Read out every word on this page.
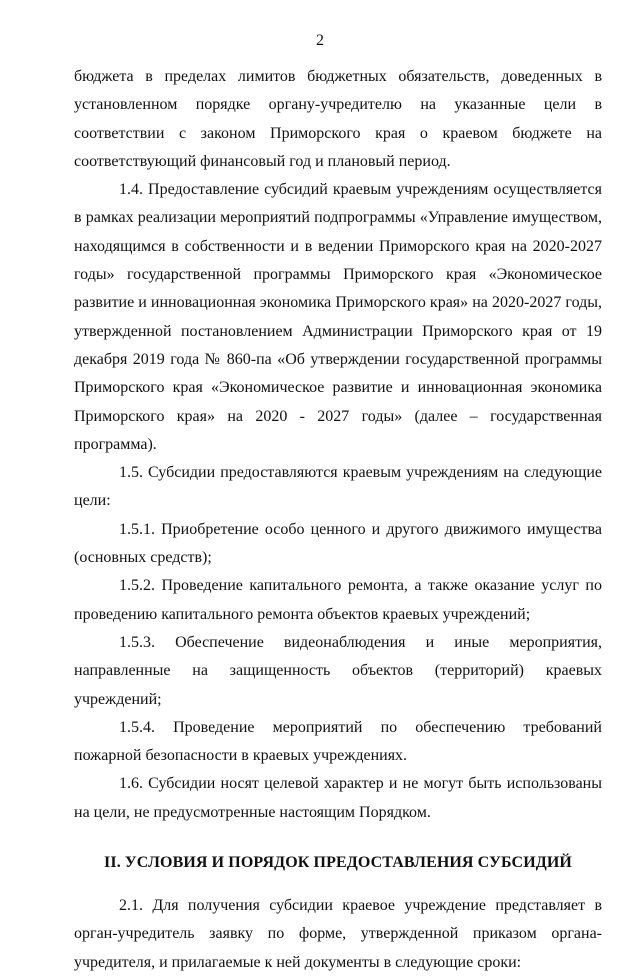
2

бюджета в пределах лимитов бюджетных обязательств, доведенных в установленном порядке органу-учредителю на указанные цели в соответствии с законом Приморского края о краевом бюджете на соответствующий финансовый год и плановый период.

1.4. Предоставление субсидий краевым учреждениям осуществляется в рамках реализации мероприятий подпрограммы «Управление имуществом, находящимся в собственности и в ведении Приморского края на 2020-2027 годы» государственной программы Приморского края «Экономическое развитие и инновационная экономика Приморского края» на 2020-2027 годы, утвержденной постановлением Администрации Приморского края от 19 декабря 2019 года № 860-па «Об утверждении государственной программы Приморского края «Экономическое развитие и инновационная экономика Приморского края» на 2020 - 2027 годы» (далее – государственная программа).

1.5. Субсидии предоставляются краевым учреждениям на следующие цели:

1.5.1. Приобретение особо ценного и другого движимого имущества (основных средств);

1.5.2. Проведение капитального ремонта, а также оказание услуг по проведению капитального ремонта объектов краевых учреждений;

1.5.3. Обеспечение видеонаблюдения и иные мероприятия, направленные на защищенность объектов (территорий) краевых учреждений;

1.5.4. Проведение мероприятий по обеспечению требований пожарной безопасности в краевых учреждениях.

1.6. Субсидии носят целевой характер и не могут быть использованы на цели, не предусмотренные настоящим Порядком.

II. УСЛОВИЯ И ПОРЯДОК ПРЕДОСТАВЛЕНИЯ СУБСИДИЙ

2.1. Для получения субсидии краевое учреждение представляет в орган-учредитель заявку по форме, утвержденной приказом органа-учредителя, и прилагаемые к ней документы в следующие сроки:
